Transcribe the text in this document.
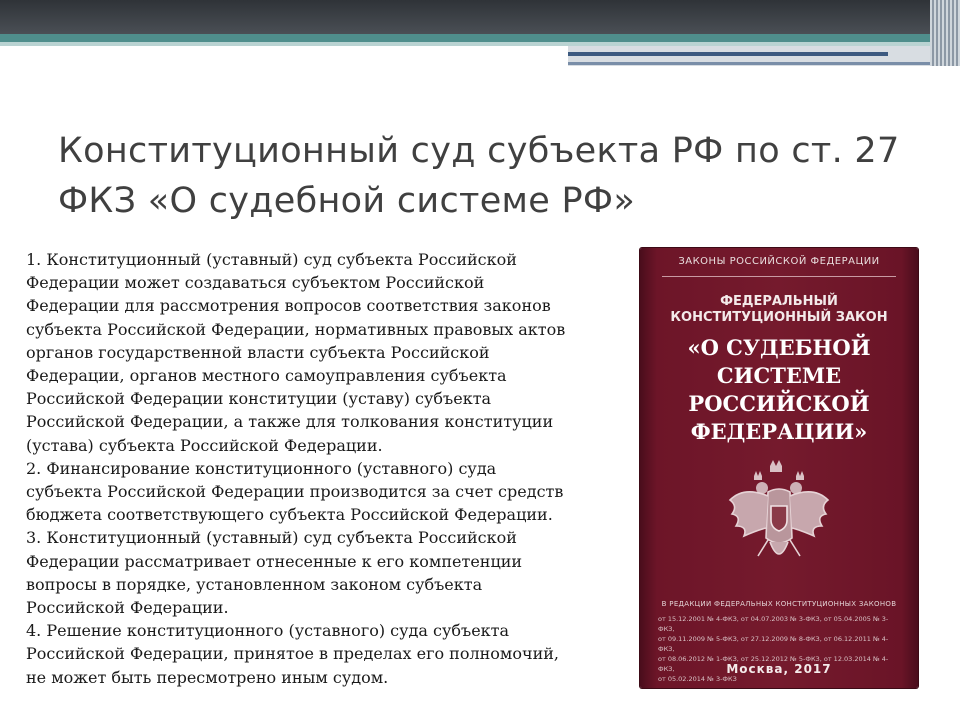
Конституционный суд субъекта РФ по ст. 27 ФКЗ «О судебной системе РФ»

1. Конституционный (уставный) суд субъекта Российской
Федерации может создаваться субъектом Российской
Федерации для рассмотрения вопросов соответствия законов
субъекта Российской Федерации, нормативных правовых актов
органов государственной власти субъекта Российской
Федерации, органов местного самоуправления субъекта
Российской Федерации конституции (уставу) субъекта
Российской Федерации, а также для толкования конституции
(устава) субъекта Российской Федерации.

2. Финансирование конституционного (уставного) суда
субъекта Российской Федерации производится за счет средств
бюджета соответствующего субъекта Российской Федерации.

3. Конституционный (уставный) суд субъекта Российской
Федерации рассматривает отнесенные к его компетенции
вопросы в порядке, установленном законом субъекта
Российской Федерации.

4. Решение конституционного (уставного) суда субъекта
Российской Федерации, принятое в пределах его полномочий,
не может быть пересмотрено иным судом.

ЗАКОНЫ РОССИЙСКОЙ ФЕДЕРАЦИИ
ФЕДЕРАЛЬНЫЙ
КОНСТИТУЦИОННЫЙ ЗАКОН
«О СУДЕБНОЙ
СИСТЕМЕ
РОССИЙСКОЙ
ФЕДЕРАЦИИ»
В РЕДАКЦИИ ФЕДЕРАЛЬНЫХ КОНСТИТУЦИОННЫХ ЗАКОНОВ
от 15.12.2001 № 4-ФКЗ, от 04.07.2003 № 3-ФКЗ, от 05.04.2005 № 3-ФКЗ,
от 09.11.2009 № 5-ФКЗ, от 27.12.2009 № 8-ФКЗ, от 06.12.2011 № 4-ФКЗ,
от 08.06.2012 № 1-ФКЗ, от 25.12.2012 № 5-ФКЗ, от 12.03.2014 № 4-ФКЗ,
от 05.02.2014 № 3-ФКЗ
Москва, 2017
